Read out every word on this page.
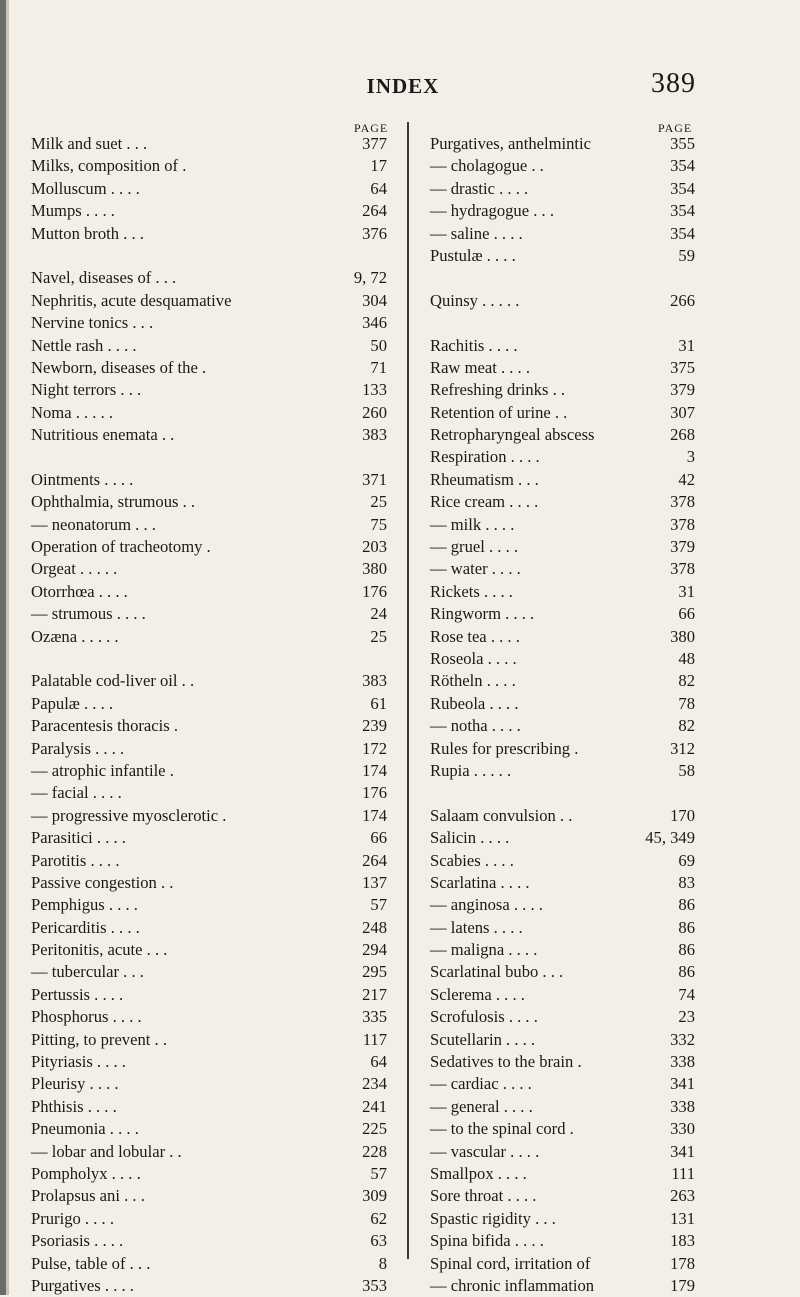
INDEX	389
PAGE	PAGE
Milk and suet . . .	377
Milks, composition of .	17
Molluscum . . . .	64
Mumps . . . .	264
Mutton broth . . .	376
Navel, diseases of . . .	9, 72
Nephritis, acute desquamative	304
Nervine tonics . . .	346
Nettle rash . . . .	50
Newborn, diseases of the .	71
Night terrors . . .	133
Noma . . . . .	260
Nutritious enemata . .	383
Ointments . . . .	371
Ophthalmia, strumous . .	25
— neonatorum . . .	75
Operation of tracheotomy .	203
Orgeat . . . . .	380
Otorrhœa . . . .	176
— strumous . . . .	24
Ozæna . . . . .	25
Palatable cod-liver oil . .	383
Papulæ . . . .	61
Paracentesis thoracis .	239
Paralysis . . . .	172
— atrophic infantile .	174
— facial . . . .	176
— progressive myosclerotic .	174
Parasitici . . . .	66
Parotitis . . . .	264
Passive congestion . .	137
Pemphigus . . . .	57
Pericarditis . . . .	248
Peritonitis, acute . . .	294
— tubercular . . .	295
Pertussis . . . .	217
Phosphorus . . . .	335
Pitting, to prevent . .	117
Pityriasis . . . .	64
Pleurisy . . . .	234
Phthisis . . . .	241
Pneumonia . . . .	225
— lobar and lobular . .	228
Pompholyx . . . .	57
Prolapsus ani . . .	309
Prurigo . . . .	62
Psoriasis . . . .	63
Pulse, table of . . .	8
Purgatives . . . .	353
Purgatives, anthelmintic	355
— cholagogue . .	354
— drastic . . . .	354
— hydragogue . . .	354
— saline . . . .	354
Pustulæ . . . .	59
Quinsy . . . . .	266
Rachitis . . . .	31
Raw meat . . . .	375
Refreshing drinks . .	379
Retention of urine . .	307
Retropharyngeal abscess	268
Respiration . . . .	3
Rheumatism . . .	42
Rice cream . . . .	378
— milk . . . .	378
— gruel . . . .	379
— water . . . .	378
Rickets . . . .	31
Ringworm . . . .	66
Rose tea . . . .	380
Roseola . . . .	48
Rötheln . . . .	82
Rubeola . . . .	78
— notha . . . .	82
Rules for prescribing .	312
Rupia . . . . .	58
Salaam convulsion . .	170
Salicin . . . .	45, 349
Scabies . . . .	69
Scarlatina . . . .	83
— anginosa . . . .	86
— latens . . . .	86
— maligna . . . .	86
Scarlatinal bubo . . .	86
Sclerema . . . .	74
Scrofulosis . . . .	23
Scutellarin . . . .	332
Sedatives to the brain .	338
— cardiac . . . .	341
— general . . . .	338
— to the spinal cord .	330
— vascular . . . .	341
Smallpox . . . .	111
Sore throat . . . .	263
Spastic rigidity . . .	131
Spina bifida . . . .	183
Spinal cord, irritation of	178
— chronic inflammation	179
